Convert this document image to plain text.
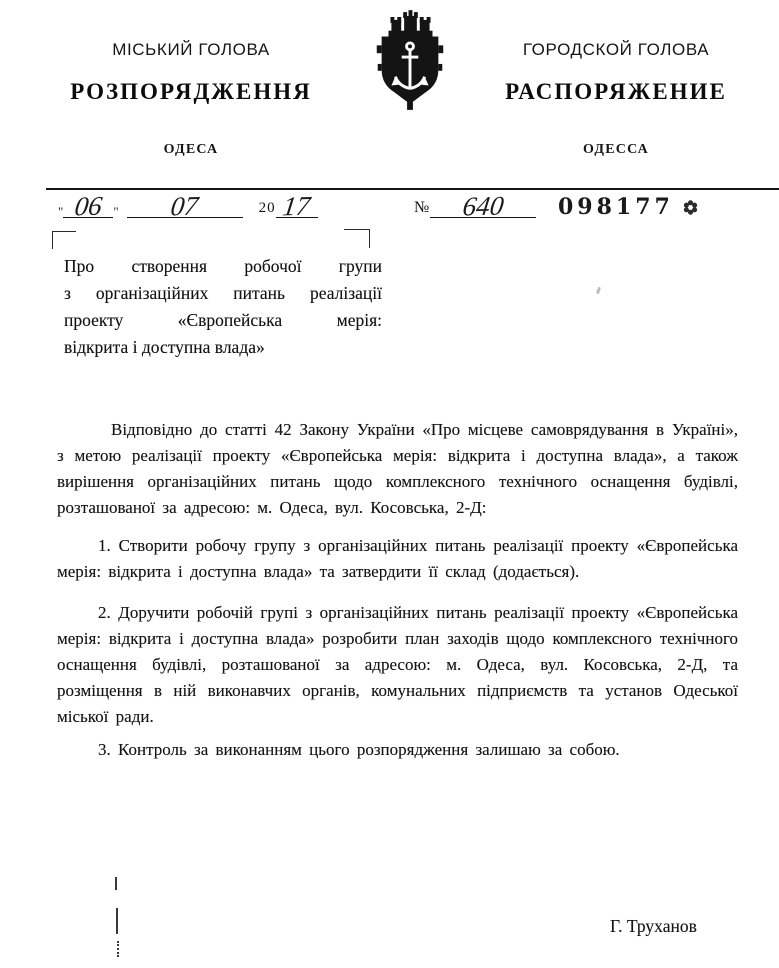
МІСЬКИЙ ГОЛОВА
РОЗПОРЯДЖЕННЯ
ОДЕСА
ГОРОДСКОЙ ГОЛОВА
РАСПОРЯЖЕНИЕ
ОДЕССА
$_"$ 06 $_"$ 07	20 17	№ 640	098177
Про створення робочої групи
з організаційних питань реалізації
проекту «Європейська мерія:
відкрита і доступна влада»

Відповідно до статті 42 Закону України «Про місцеве самоврядування в Україні», з метою реалізації проекту «Європейська мерія: відкрита і доступна влада», а також вирішення організаційних питань щодо комплексного технічного оснащення будівлі, розташованої за адресою: м. Одеса, вул. Косовська, 2-Д:

1. Створити робочу групу з організаційних питань реалізації проекту «Європейська мерія: відкрита і доступна влада» та затвердити її склад (додається).

2. Доручити робочій групі з організаційних питань реалізації проекту «Європейська мерія: відкрита і доступна влада» розробити план заходів щодо комплексного технічного оснащення будівлі, розташованої за адресою: м. Одеса, вул. Косовська, 2-Д, та розміщення в ній виконавчих органів, комунальних підприємств та установ Одеської міської ради.

3. Контроль за виконанням цього розпорядження залишаю за собою.

Г. Труханов
